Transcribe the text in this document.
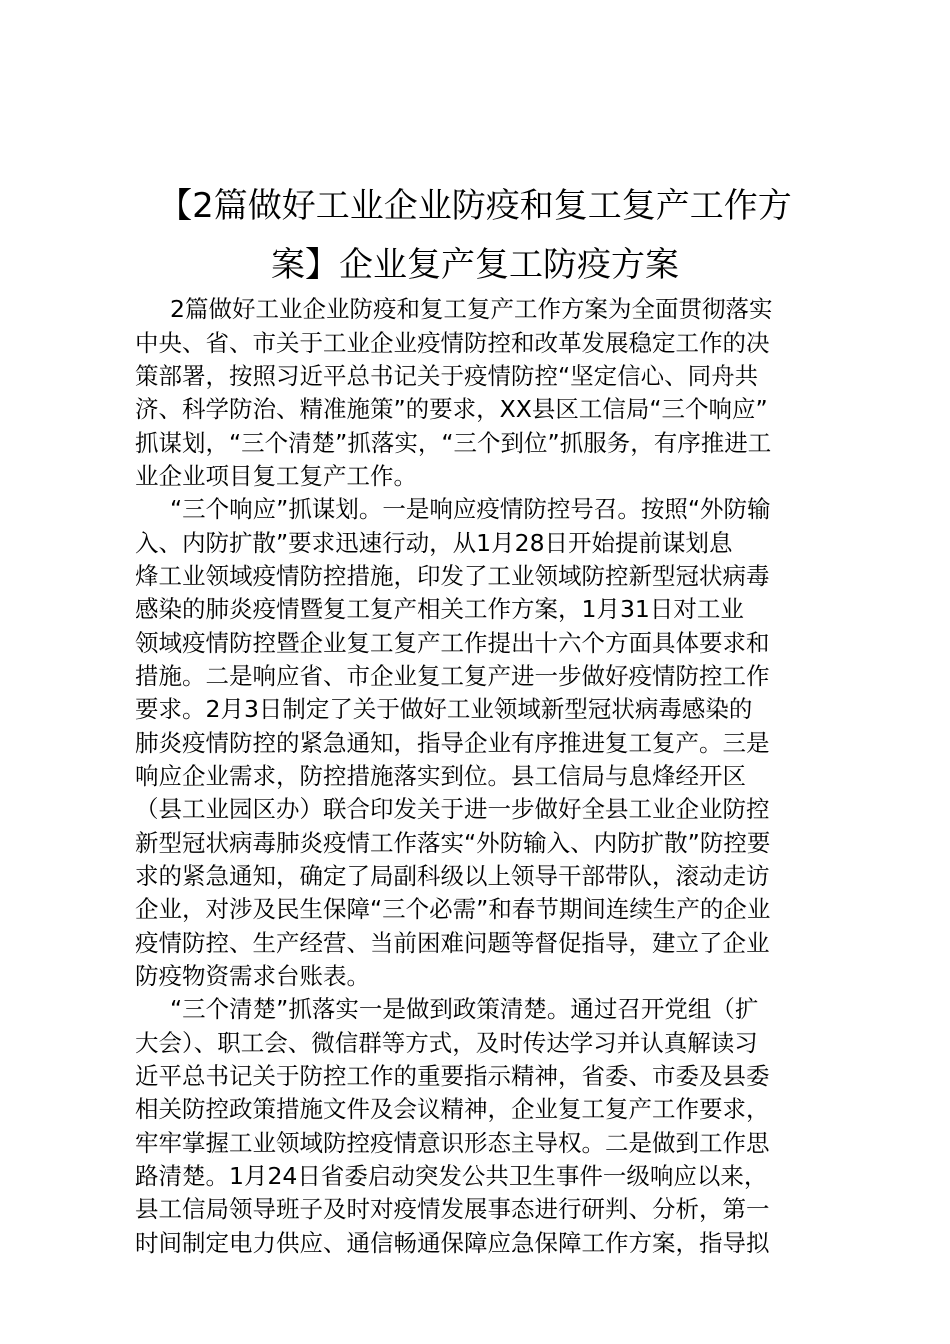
【2篇做好工业企业防疫和复工复产工作方
案】企业复产复工防疫方案

2篇做好工业企业防疫和复工复产工作方案为全面贯彻落实

中央、省、市关于工业企业疫情防控和改革发展稳定工作的决

策部署，按照习近平总书记关于疫情防控“坚定信心、同舟共

济、科学防治、精准施策”的要求，XX县区工信局“三个响应”

抓谋划，“三个清楚”抓落实，“三个到位”抓服务，有序推进工

业企业项目复工复产工作。

“三个响应”抓谋划。一是响应疫情防控号召。按照“外防输

入、内防扩散”要求迅速行动，从1月28日开始提前谋划息

烽工业领域疫情防控措施，印发了工业领域防控新型冠状病毒

感染的肺炎疫情暨复工复产相关工作方案，1月31日对工业

领域疫情防控暨企业复工复产工作提出十六个方面具体要求和

措施。二是响应省、市企业复工复产进一步做好疫情防控工作

要求。2月3日制定了关于做好工业领域新型冠状病毒感染的

肺炎疫情防控的紧急通知，指导企业有序推进复工复产。三是

响应企业需求，防控措施落实到位。县工信局与息烽经开区

（县工业园区办）联合印发关于进一步做好全县工业企业防控

新型冠状病毒肺炎疫情工作落实“外防输入、内防扩散”防控要

求的紧急通知，确定了局副科级以上领导干部带队，滚动走访

企业，对涉及民生保障“三个必需”和春节期间连续生产的企业

疫情防控、生产经营、当前困难问题等督促指导，建立了企业

防疫物资需求台账表。

“三个清楚”抓落实一是做到政策清楚。通过召开党组（扩

大会）、职工会、微信群等方式，及时传达学习并认真解读习

近平总书记关于防控工作的重要指示精神，省委、市委及县委

相关防控政策措施文件及会议精神，企业复工复产工作要求，

牢牢掌握工业领域防控疫情意识形态主导权。二是做到工作思

路清楚。1月24日省委启动突发公共卫生事件一级响应以来，

县工信局领导班子及时对疫情发展事态进行研判、分析，第一

时间制定电力供应、通信畅通保障应急保障工作方案，指导拟
